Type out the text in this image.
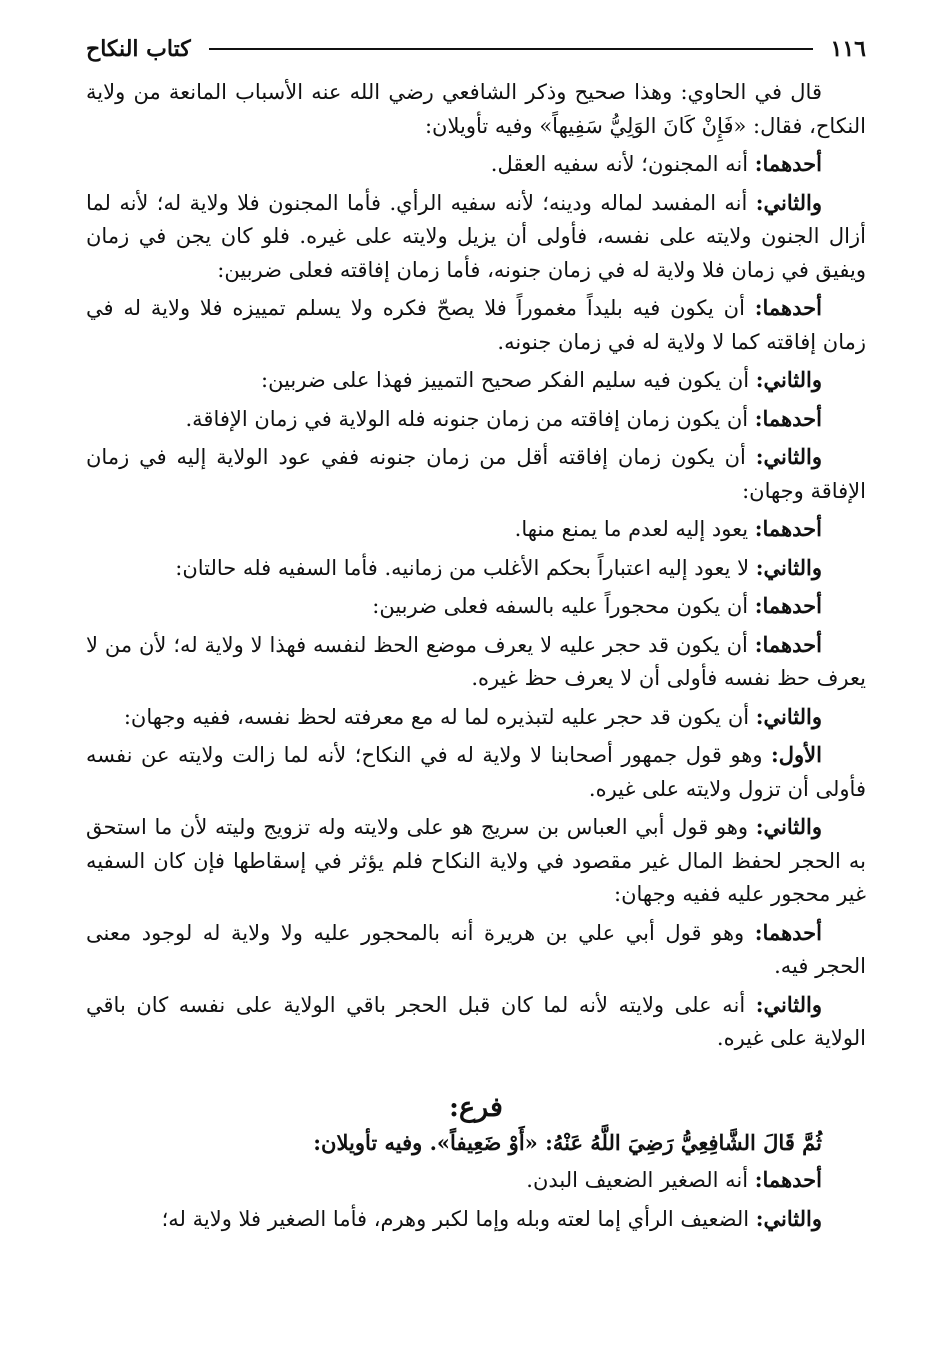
١١٦
كتاب النكاح

قال في الحاوي: وهذا صحيح وذكر الشافعي رضي الله عنه الأسباب المانعة من ولاية النكاح، فقال: «فَإِنْ كَانَ الوَلِيُّ سَفِيهاً» وفيه تأويلان:

أحدهما: أنه المجنون؛ لأنه سفيه العقل.

والثاني: أنه المفسد لماله ودينه؛ لأنه سفيه الرأي. فأما المجنون فلا ولاية له؛ لأنه لما أزال الجنون ولايته على نفسه، فأولى أن يزيل ولايته على غيره. فلو كان يجن في زمان ويفيق في زمان فلا ولاية له في زمان جنونه، فأما زمان إفاقته فعلى ضربين:

أحدهما: أن يكون فيه بليداً مغموراً فلا يصحّ فكره ولا يسلم تمييزه فلا ولاية له في زمان إفاقته كما لا ولاية له في زمان جنونه.

والثاني: أن يكون فيه سليم الفكر صحيح التمييز فهذا على ضربين:

أحدهما: أن يكون زمان إفاقته من زمان جنونه فله الولاية في زمان الإفاقة.

والثاني: أن يكون زمان إفاقته أقل من زمان جنونه ففي عود الولاية إليه في زمان الإفاقة وجهان:

أحدهما: يعود إليه لعدم ما يمنع منها.

والثاني: لا يعود إليه اعتباراً بحكم الأغلب من زمانيه. فأما السفيه فله حالتان:

أحدهما: أن يكون محجوراً عليه بالسفه فعلى ضربين:

أحدهما: أن يكون قد حجر عليه لا يعرف موضع الحظ لنفسه فهذا لا ولاية له؛ لأن من لا يعرف حظ نفسه فأولى أن لا يعرف حظ غيره.

والثاني: أن يكون قد حجر عليه لتبذيره لما له مع معرفته لحظ نفسه، ففيه وجهان:

الأول: وهو قول جمهور أصحابنا لا ولاية له في النكاح؛ لأنه لما زالت ولايته عن نفسه فأولى أن تزول ولايته على غيره.

والثاني: وهو قول أبي العباس بن سريج هو على ولايته وله تزويج وليته لأن ما استحق به الحجر لحفظ المال غير مقصود في ولاية النكاح فلم يؤثر في إسقاطها فإن كان السفيه غير محجور عليه ففيه وجهان:

أحدهما: وهو قول أبي علي بن هريرة أنه بالمحجور عليه ولا ولاية له لوجود معنى الحجر فيه.

والثاني: أنه على ولايته لأنه لما كان قبل الحجر باقي الولاية على نفسه كان باقي الولاية على غيره.

فرع:

ثُمَّ قَالَ الشَّافِعِيُّ رَضِيَ اللَّهُ عَنْهُ: «أَوْ ضَعِيفاً». وفيه تأويلان:

أحدهما: أنه الصغير الضعيف البدن.

والثاني: الضعيف الرأي إما لعته وبله وإما لكبر وهرم، فأما الصغير فلا ولاية له؛
